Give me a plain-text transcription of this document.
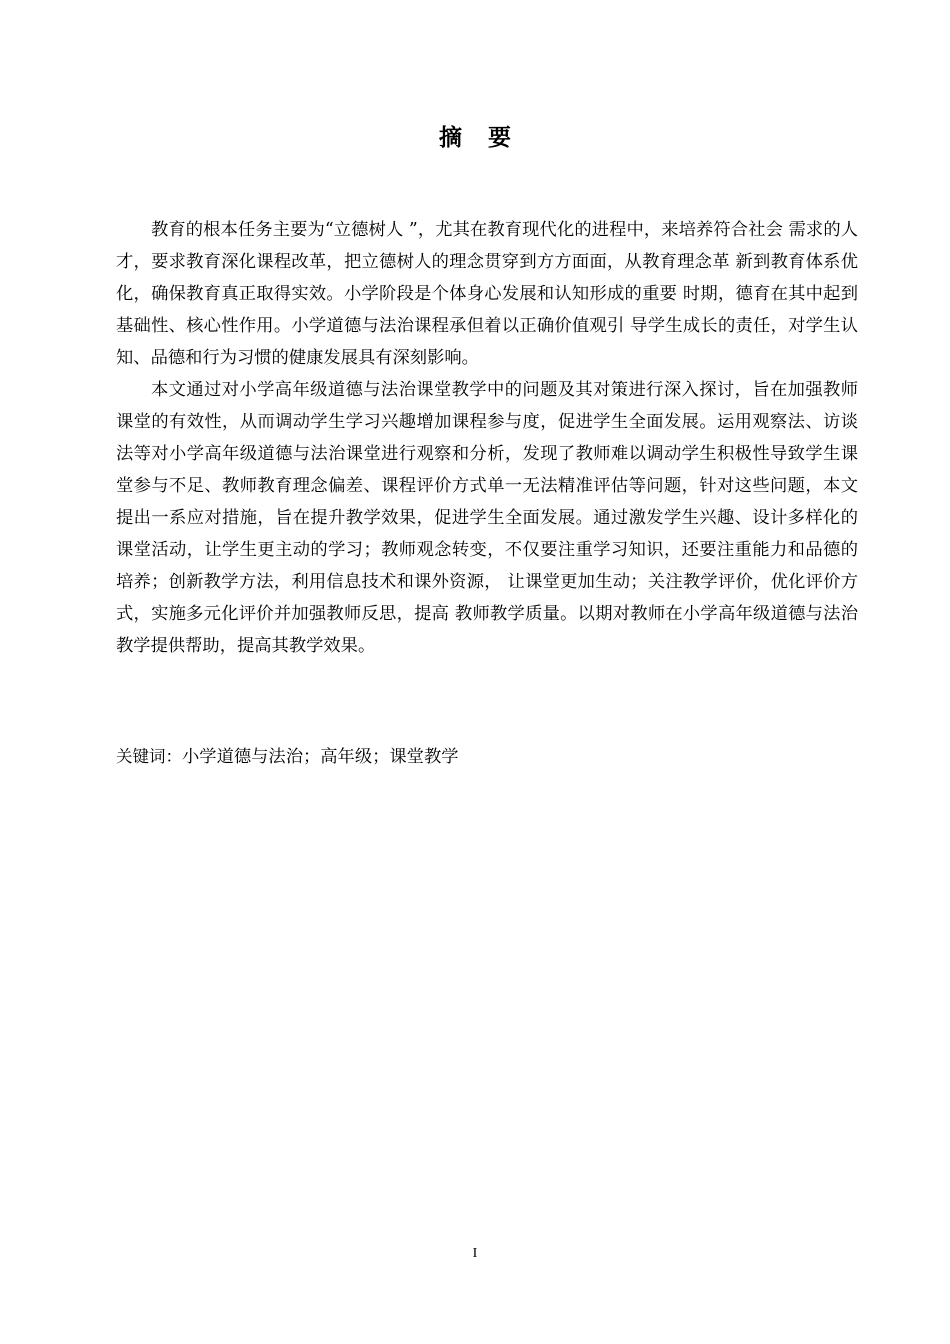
摘要

教育的根本任务主要为“立德树人 ”，尤其在教育现代化的进程中，来培养符合社会 需求的人才，要求教育深化课程改革，把立德树人的理念贯穿到方方面面，从教育理念革 新到教育体系优化，确保教育真正取得实效。小学阶段是个体身心发展和认知形成的重要 时期，德育在其中起到基础性、核心性作用。小学道德与法治课程承但着以正确价值观引 导学生成长的责任，对学生认知、品德和行为习惯的健康发展具有深刻影响。

本文通过对小学高年级道德与法治课堂教学中的问题及其对策进行深入探讨，旨在加强教师课堂的有效性，从而调动学生学习兴趣增加课程参与度，促进学生全面发展。运用观察法、访谈法等对小学高年级道德与法治课堂进行观察和分析，发现了教师难以调动学生积极性导致学生课堂参与不足、教师教育理念偏差、课程评价方式单一无法精准评估等问题，针对这些问题，本文提出一系应对措施，旨在提升教学效果，促进学生全面发展。通过激发学生兴趣、设计多样化的课堂活动，让学生更主动的学习；教师观念转变，不仅要注重学习知识，还要注重能力和品德的培养；创新教学方法，利用信息技术和课外资源， 让课堂更加生动；关注教学评价，优化评价方式，实施多元化评价并加强教师反思，提高 教师教学质量。以期对教师在小学高年级道德与法治教学提供帮助，提高其教学效果。

关键词：小学道德与法治；高年级；课堂教学
I
